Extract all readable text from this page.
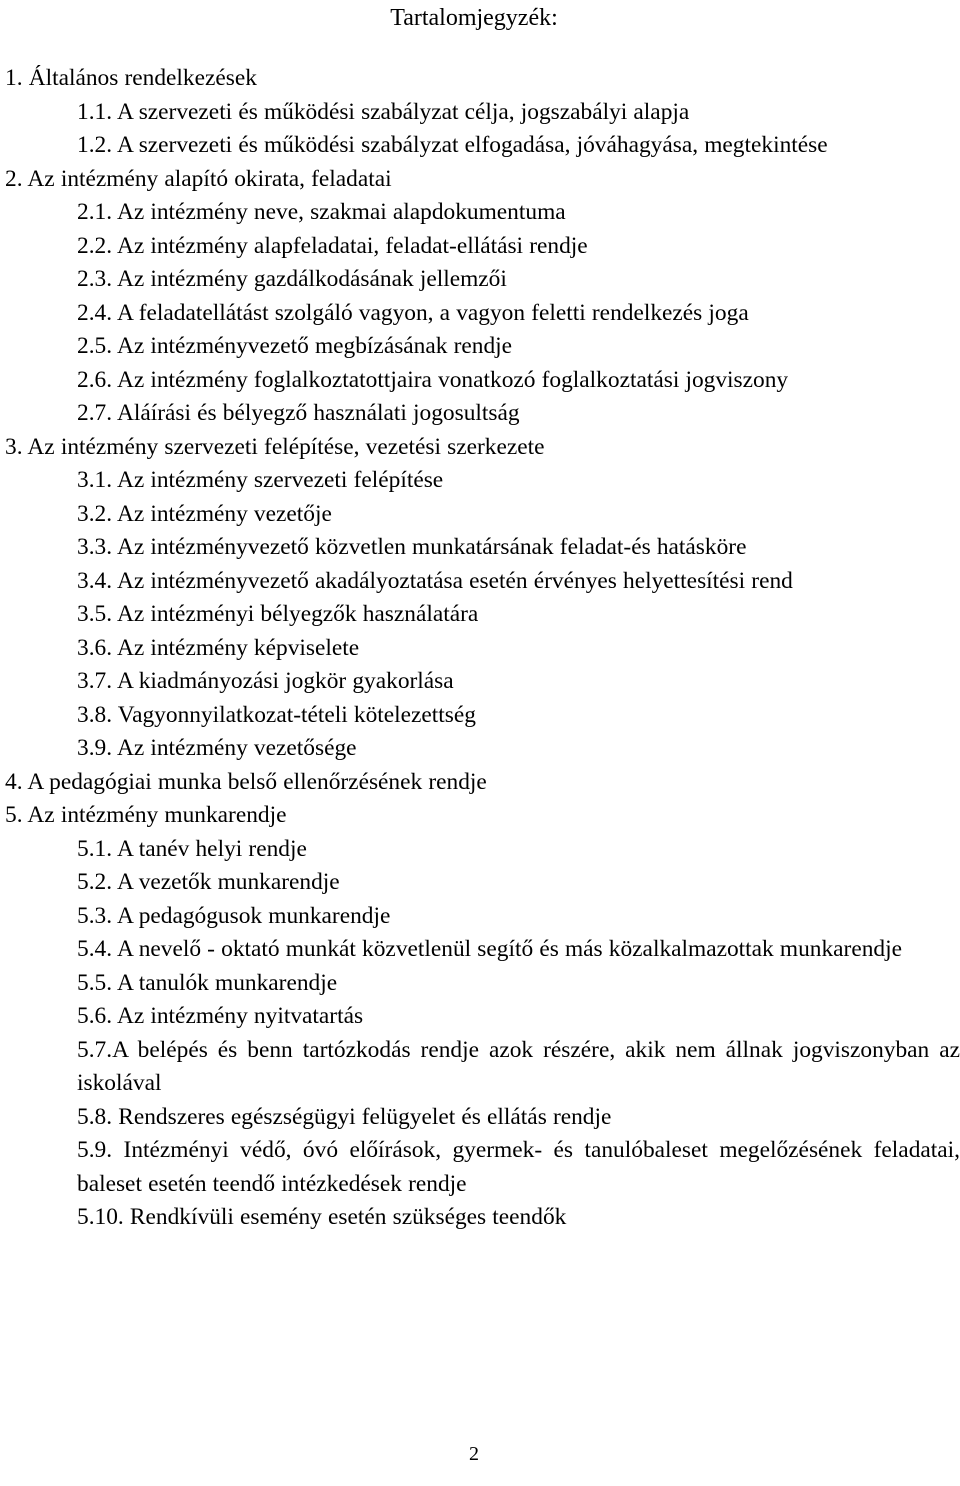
Tartalomjegyzék:
1. Általános rendelkezések
1.1. A szervezeti és működési szabályzat célja, jogszabályi alapja
1.2. A szervezeti és működési szabályzat elfogadása, jóváhagyása, megtekintése
2. Az intézmény alapító okirata, feladatai
2.1. Az intézmény neve, szakmai alapdokumentuma
2.2. Az intézmény alapfeladatai, feladat-ellátási rendje
2.3. Az intézmény gazdálkodásának jellemzői
2.4. A feladatellátást szolgáló vagyon, a vagyon feletti rendelkezés joga
2.5. Az intézményvezető megbízásának rendje
2.6. Az intézmény foglalkoztatottjaira vonatkozó foglalkoztatási jogviszony
2.7. Aláírási és bélyegző használati jogosultság
3. Az intézmény szervezeti felépítése, vezetési szerkezete
3.1. Az intézmény szervezeti felépítése
3.2. Az intézmény vezetője
3.3. Az intézményvezető közvetlen munkatársának feladat-és hatásköre
3.4. Az intézményvezető akadályoztatása esetén érvényes helyettesítési rend
3.5. Az intézményi bélyegzők használatára
3.6. Az intézmény képviselete
3.7. A kiadmányozási jogkör gyakorlása
3.8. Vagyonnyilatkozat-tételi kötelezettség
3.9. Az intézmény vezetősége
4. A pedagógiai munka belső ellenőrzésének rendje
5. Az intézmény munkarendje
5.1. A tanév helyi rendje
5.2. A vezetők munkarendje
5.3. A pedagógusok munkarendje
5.4. A nevelő - oktató munkát közvetlenül segítő és más közalkalmazottak munkarendje
5.5. A tanulók munkarendje
5.6. Az intézmény nyitvatartás
5.7.A belépés és benn tartózkodás rendje azok részére, akik nem állnak jogviszonyban az iskolával
5.8. Rendszeres egészségügyi felügyelet és ellátás rendje
5.9. Intézményi védő, óvó előírások, gyermek- és tanulóbaleset megelőzésének feladatai, baleset esetén teendő intézkedések rendje
5.10. Rendkívüli esemény esetén szükséges teendők
2
